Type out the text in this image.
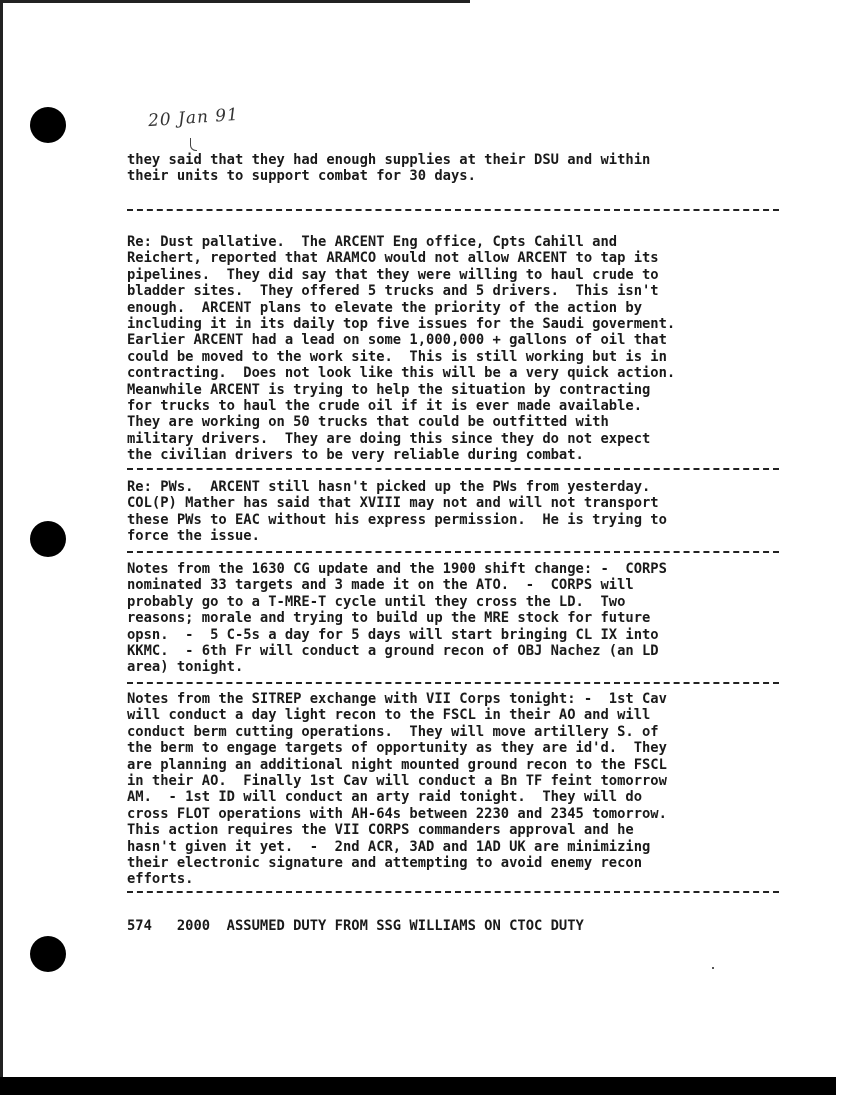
20 Jan 91

they said that they had enough supplies at their DSU and within
their units to support combat for 30 days.

Re: Dust pallative.  The ARCENT Eng office, Cpts Cahill and
Reichert, reported that ARAMCO would not allow ARCENT to tap its
pipelines.  They did say that they were willing to haul crude to
bladder sites.  They offered 5 trucks and 5 drivers.  This isn't
enough.  ARCENT plans to elevate the priority of the action by
including it in its daily top five issues for the Saudi goverment.
Earlier ARCENT had a lead on some 1,000,000 + gallons of oil that
could be moved to the work site.  This is still working but is in
contracting.  Does not look like this will be a very quick action.
Meanwhile ARCENT is trying to help the situation by contracting
for trucks to haul the crude oil if it is ever made available.
They are working on 50 trucks that could be outfitted with
military drivers.  They are doing this since they do not expect
the civilian drivers to be very reliable during combat.

Re: PWs.  ARCENT still hasn't picked up the PWs from yesterday.
COL(P) Mather has said that XVIII may not and will not transport
these PWs to EAC without his express permission.  He is trying to
force the issue.

Notes from the 1630 CG update and the 1900 shift change: -  CORPS
nominated 33 targets and 3 made it on the ATO.  -  CORPS will
probably go to a T-MRE-T cycle until they cross the LD.  Two
reasons; morale and trying to build up the MRE stock for future
opsn.  -  5 C-5s a day for 5 days will start bringing CL IX into
KKMC.  - 6th Fr will conduct a ground recon of OBJ Nachez (an LD
area) tonight.

Notes from the SITREP exchange with VII Corps tonight: -  1st Cav
will conduct a day light recon to the FSCL in their AO and will
conduct berm cutting operations.  They will move artillery S. of
the berm to engage targets of opportunity as they are id'd.  They
are planning an additional night mounted ground recon to the FSCL
in their AO.  Finally 1st Cav will conduct a Bn TF feint tomorrow
AM.  - 1st ID will conduct an arty raid tonight.  They will do
cross FLOT operations with AH-64s between 2230 and 2345 tomorrow.
This action requires the VII CORPS commanders approval and he
hasn't given it yet.  -  2nd ACR, 3AD and 1AD UK are minimizing
their electronic signature and attempting to avoid enemy recon
efforts.

574   2000  ASSUMED DUTY FROM SSG WILLIAMS ON CTOC DUTY
